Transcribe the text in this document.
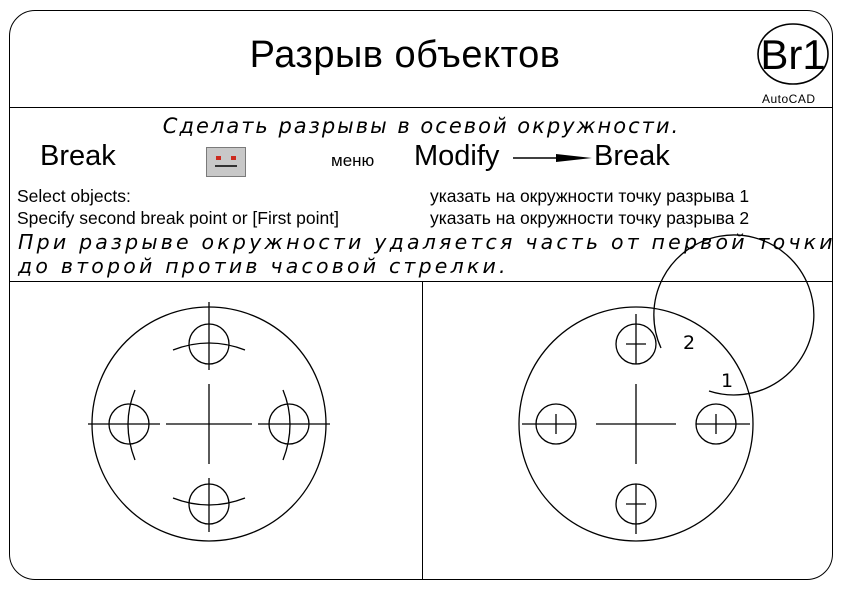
Разрыв объектов	Br1
AutoCAD
Сделать разрывы в осевой окружности.
Break	меню Modify	Break
Select objects:	указать на окружности точку разрыва 1
Specify second break point or [First point]	указать на окружности точку разрыва 2
При разрыве окружности удаляется часть от первой точки
до второй против часовой стрелки.
2
1
